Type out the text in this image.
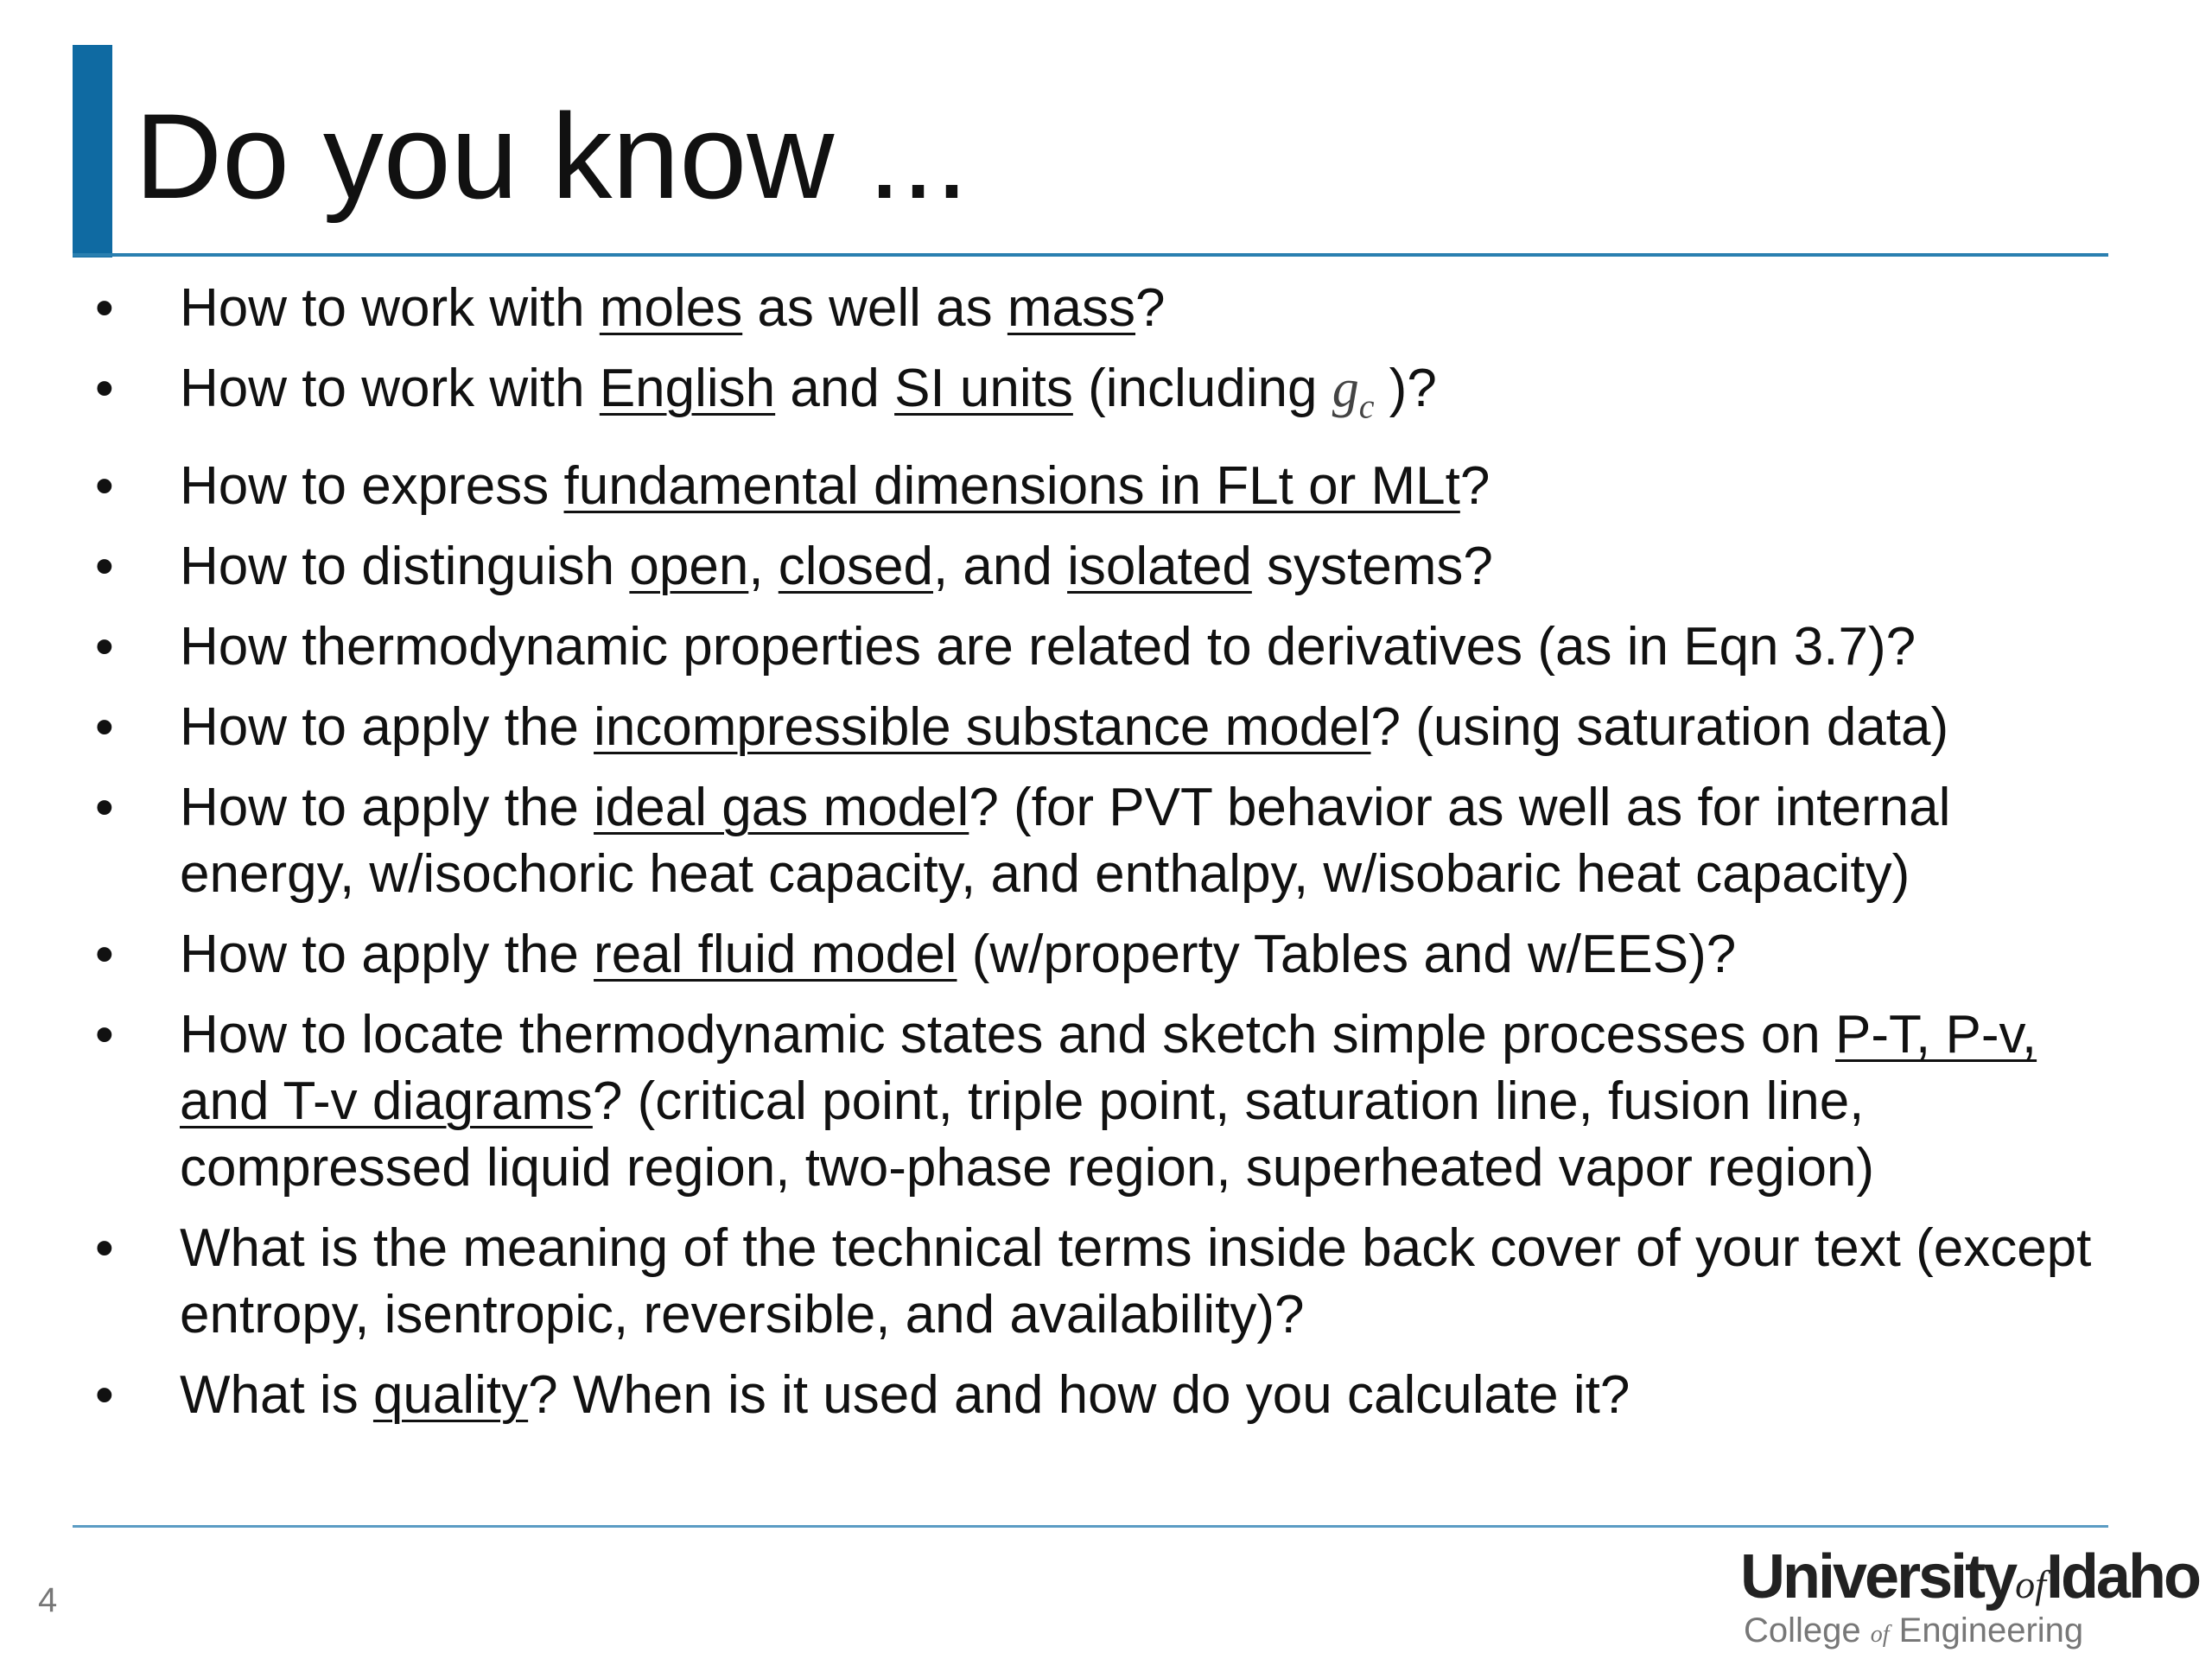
Do you know ...
• How to work with moles as well as mass?
• How to work with English and SI units (including $g_c$ )?
• How to express fundamental dimensions in FLt or MLt?
• How to distinguish open, closed, and isolated systems?
• How thermodynamic properties are related to derivatives (as in Eqn 3.7)?
• How to apply the incompressible substance model? (using saturation data)
• How to apply the ideal gas model? (for PVT behavior as well as for internal energy, w/isochoric heat capacity, and enthalpy, w/isobaric heat capacity)
• How to apply the real fluid model (w/property Tables and w/EES)?
• How to locate thermodynamic states and sketch simple processes on P-T, P-v, and T-v diagrams? (critical point, triple point, saturation line, fusion line, compressed liquid region, two-phase region, superheated vapor region)
• What is the meaning of the technical terms inside back cover of your text (except entropy, isentropic, reversible, and availability)?
• What is quality? When is it used and how do you calculate it?
4	UniversityofIdaho
College of Engineering
